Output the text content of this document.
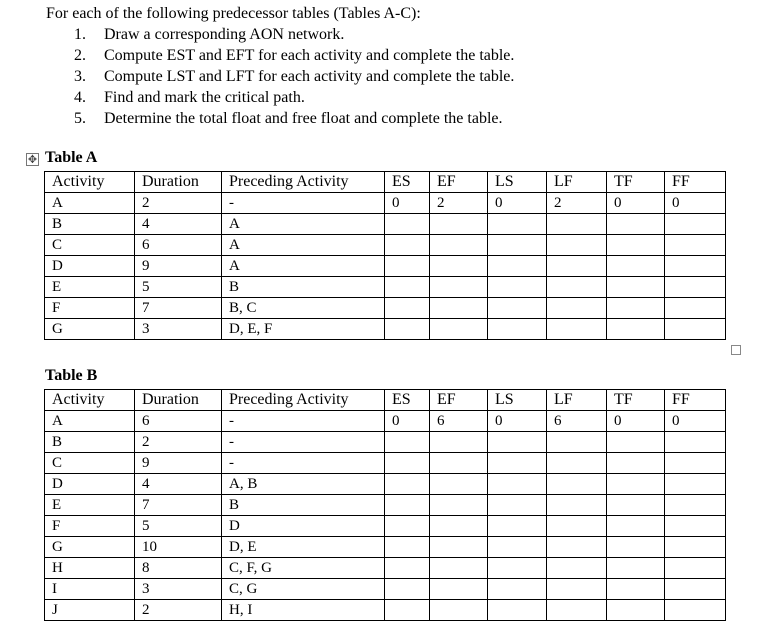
For each of the following predecessor tables (Tables A-C):
1. Draw a corresponding AON network.
2. Compute EST and EFT for each activity and complete the table.
3. Compute LST and LFT for each activity and complete the table.
4. Find and mark the critical path.
5. Determine the total float and free float and complete the table.
✥ Table A
Activity	Duration	Preceding Activity	ES	EF	LS	LF	TF	FF
A	2	-	0	2	0	2	0	0
B	4	A						
C	6	A						
D	9	A						
E	5	B						
F	7	B, C						
G	3	D, E, F						
Table B
Activity	Duration	Preceding Activity	ES	EF	LS	LF	TF	FF
A	6	-	0	6	0	6	0	0
B	2	-						
C	9	-						
D	4	A, B						
E	7	B						
F	5	D						
G	10	D, E						
H	8	C, F, G						
I	3	C, G						
J	2	H, I						
